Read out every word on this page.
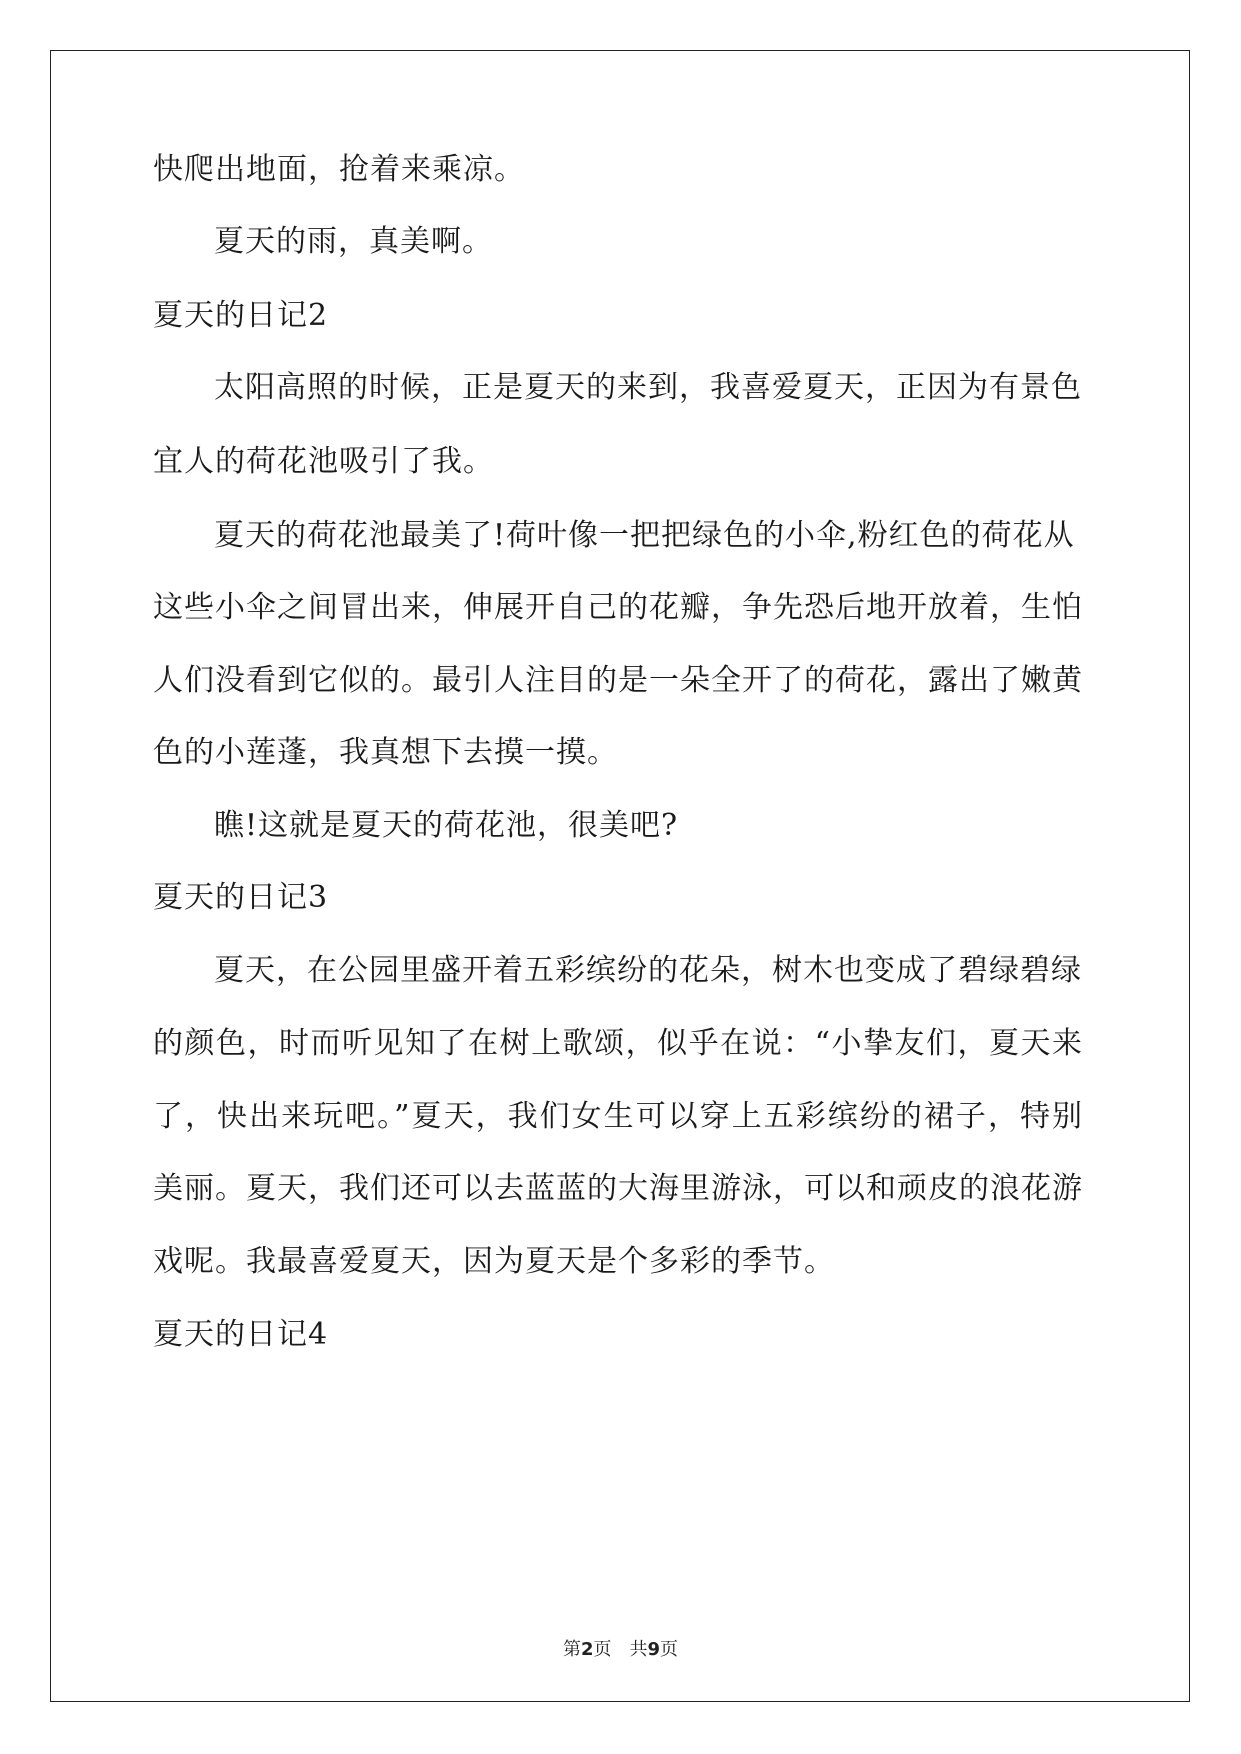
快爬出地面，抢着来乘凉。
夏天的雨，真美啊。
夏天的日记2
太阳高照的时候，正是夏天的来到，我喜爱夏天，正因为有景色
宜人的荷花池吸引了我。
夏天的荷花池最美了!荷叶像一把把绿色的小伞,粉红色的荷花从
这些小伞之间冒出来，伸展开自己的花瓣，争先恐后地开放着，生怕
人们没看到它似的。最引人注目的是一朵全开了的荷花，露出了嫩黄
色的小莲蓬，我真想下去摸一摸。
瞧!这就是夏天的荷花池，很美吧?
夏天的日记3
夏天，在公园里盛开着五彩缤纷的花朵，树木也变成了碧绿碧绿
的颜色，时而听见知了在树上歌颂，似乎在说：“小挚友们，夏天来
了，快出来玩吧。”夏天，我们女生可以穿上五彩缤纷的裙子，特别
美丽。夏天，我们还可以去蓝蓝的大海里游泳，可以和顽皮的浪花游
戏呢。我最喜爱夏天，因为夏天是个多彩的季节。
夏天的日记4
第2页 共9页
